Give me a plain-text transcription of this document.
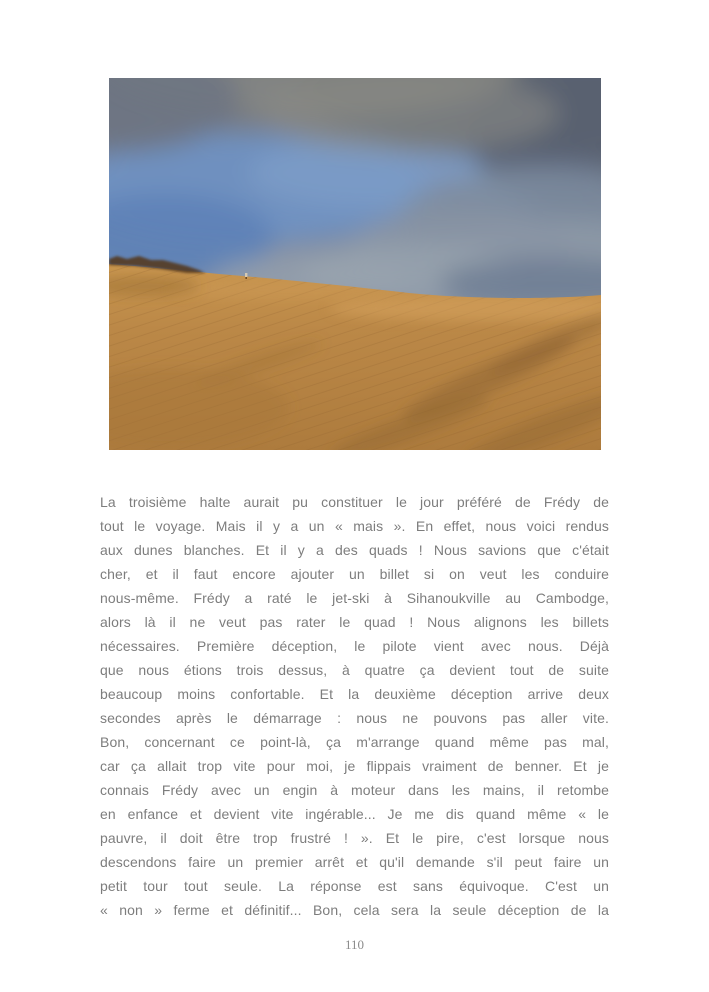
La troisième halte aurait pu constituer le jour préféré de Frédy de
tout le voyage. Mais il y a un « mais ». En effet, nous voici rendus
aux dunes blanches. Et il y a des quads ! Nous savions que c'était
cher, et il faut encore ajouter un billet si on veut les conduire
nous-même. Frédy a raté le jet-ski à Sihanoukville au Cambodge,
alors là il ne veut pas rater le quad ! Nous alignons les billets
nécessaires. Première déception, le pilote vient avec nous. Déjà
que nous étions trois dessus, à quatre ça devient tout de suite
beaucoup moins confortable. Et la deuxième déception arrive deux
secondes après le démarrage : nous ne pouvons pas aller vite.
Bon, concernant ce point-là, ça m'arrange quand même pas mal,
car ça allait trop vite pour moi, je flippais vraiment de benner. Et je
connais Frédy avec un engin à moteur dans les mains, il retombe
en enfance et devient vite ingérable... Je me dis quand même « le
pauvre, il doit être trop frustré ! ». Et le pire, c'est lorsque nous
descendons faire un premier arrêt et qu'il demande s'il peut faire un
petit tour tout seule. La réponse est sans équivoque. C'est un
« non » ferme et définitif... Bon, cela sera la seule déception de la
110
